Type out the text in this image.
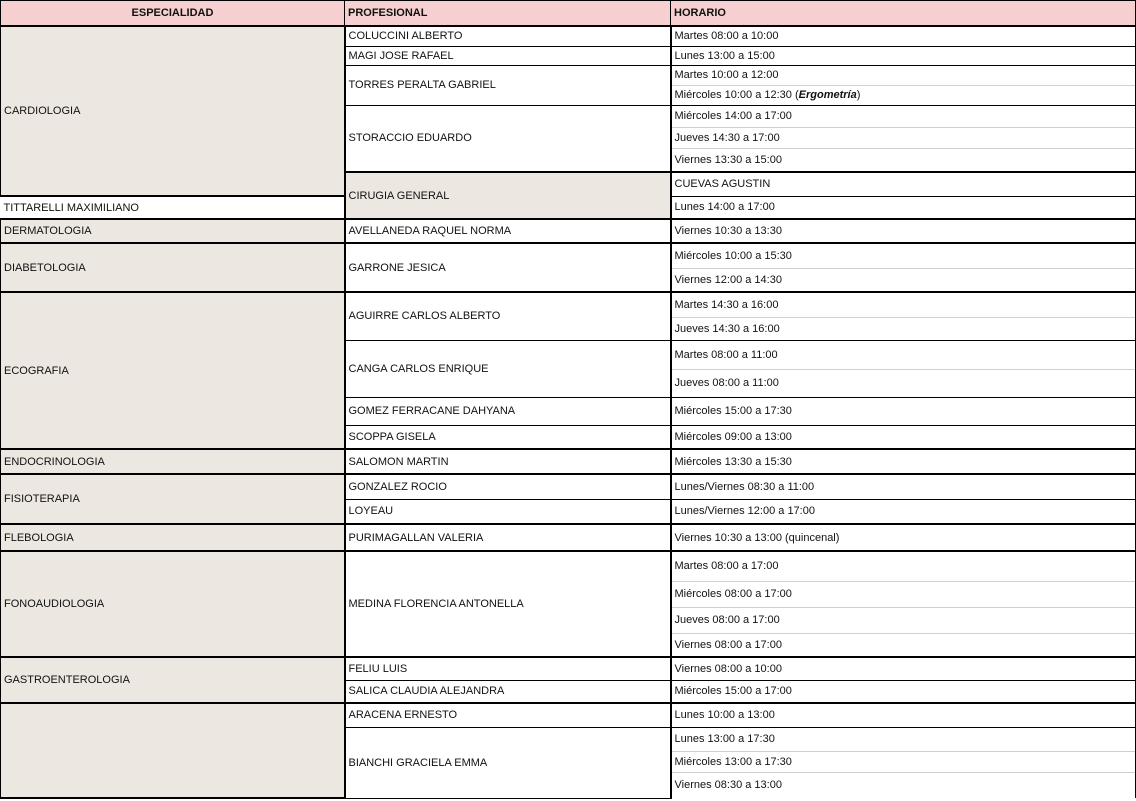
ESPECIALIDAD	PROFESIONAL	HORARIO	
CARDIOLOGIA	COLUCCINI ALBERTO	Martes 08:00 a 10:00	
	MAGI JOSE RAFAEL	Lunes 13:00 a 15:00	
	TORRES PERALTA GABRIEL	Martes 10:00 a 12:00	
		Miércoles 10:00 a 12:30 (Ergometría)	
	STORACCIO EDUARDO	Miércoles 14:00 a 17:00	
		Jueves 14:30 a 17:00	
		Viernes 13:30 a 15:00	
	CIRUGIA GENERAL	CUEVAS AGUSTIN	
TITTARELLI MAXIMILIANO		Lunes 14:00 a 17:00	
DERMATOLOGIA	AVELLANEDA RAQUEL NORMA	Viernes 10:30 a 13:30	
DIABETOLOGIA	GARRONE JESICA	Miércoles 10:00 a 15:30	
		Viernes 12:00 a 14:30	
ECOGRAFIA	AGUIRRE CARLOS ALBERTO	Martes 14:30 a 16:00	
		Jueves 14:30 a 16:00	
	CANGA CARLOS ENRIQUE	Martes 08:00 a 11:00	
		Jueves 08:00 a 11:00	
	GOMEZ FERRACANE DAHYANA	Miércoles 15:00 a 17:30	
	SCOPPA GISELA	Miércoles 09:00 a 13:00	
ENDOCRINOLOGIA	SALOMON MARTIN	Miércoles 13:30 a 15:30	
FISIOTERAPIA	GONZALEZ ROCIO	Lunes/Viernes 08:30 a 11:00	
	LOYEAU	Lunes/Viernes 12:00 a 17:00	
FLEBOLOGIA	PURIMAGALLAN VALERIA	Viernes 10:30 a 13:00 (quincenal)	
FONOAUDIOLOGIA	MEDINA FLORENCIA ANTONELLA	Martes 08:00 a 17:00	
		Miércoles 08:00 a 17:00	
		Jueves 08:00 a 17:00	
		Viernes 08:00 a 17:00	
GASTROENTEROLOGIA	FELIU LUIS	Viernes 08:00 a 10:00	
	SALICA CLAUDIA ALEJANDRA	Miércoles 15:00 a 17:00	
	ARACENA ERNESTO	Lunes 10:00 a 13:00	
	BIANCHI GRACIELA EMMA	Lunes 13:00 a 17:30	
		Miércoles 13:00 a 17:30	
		Viernes 08:30 a 13:00	
